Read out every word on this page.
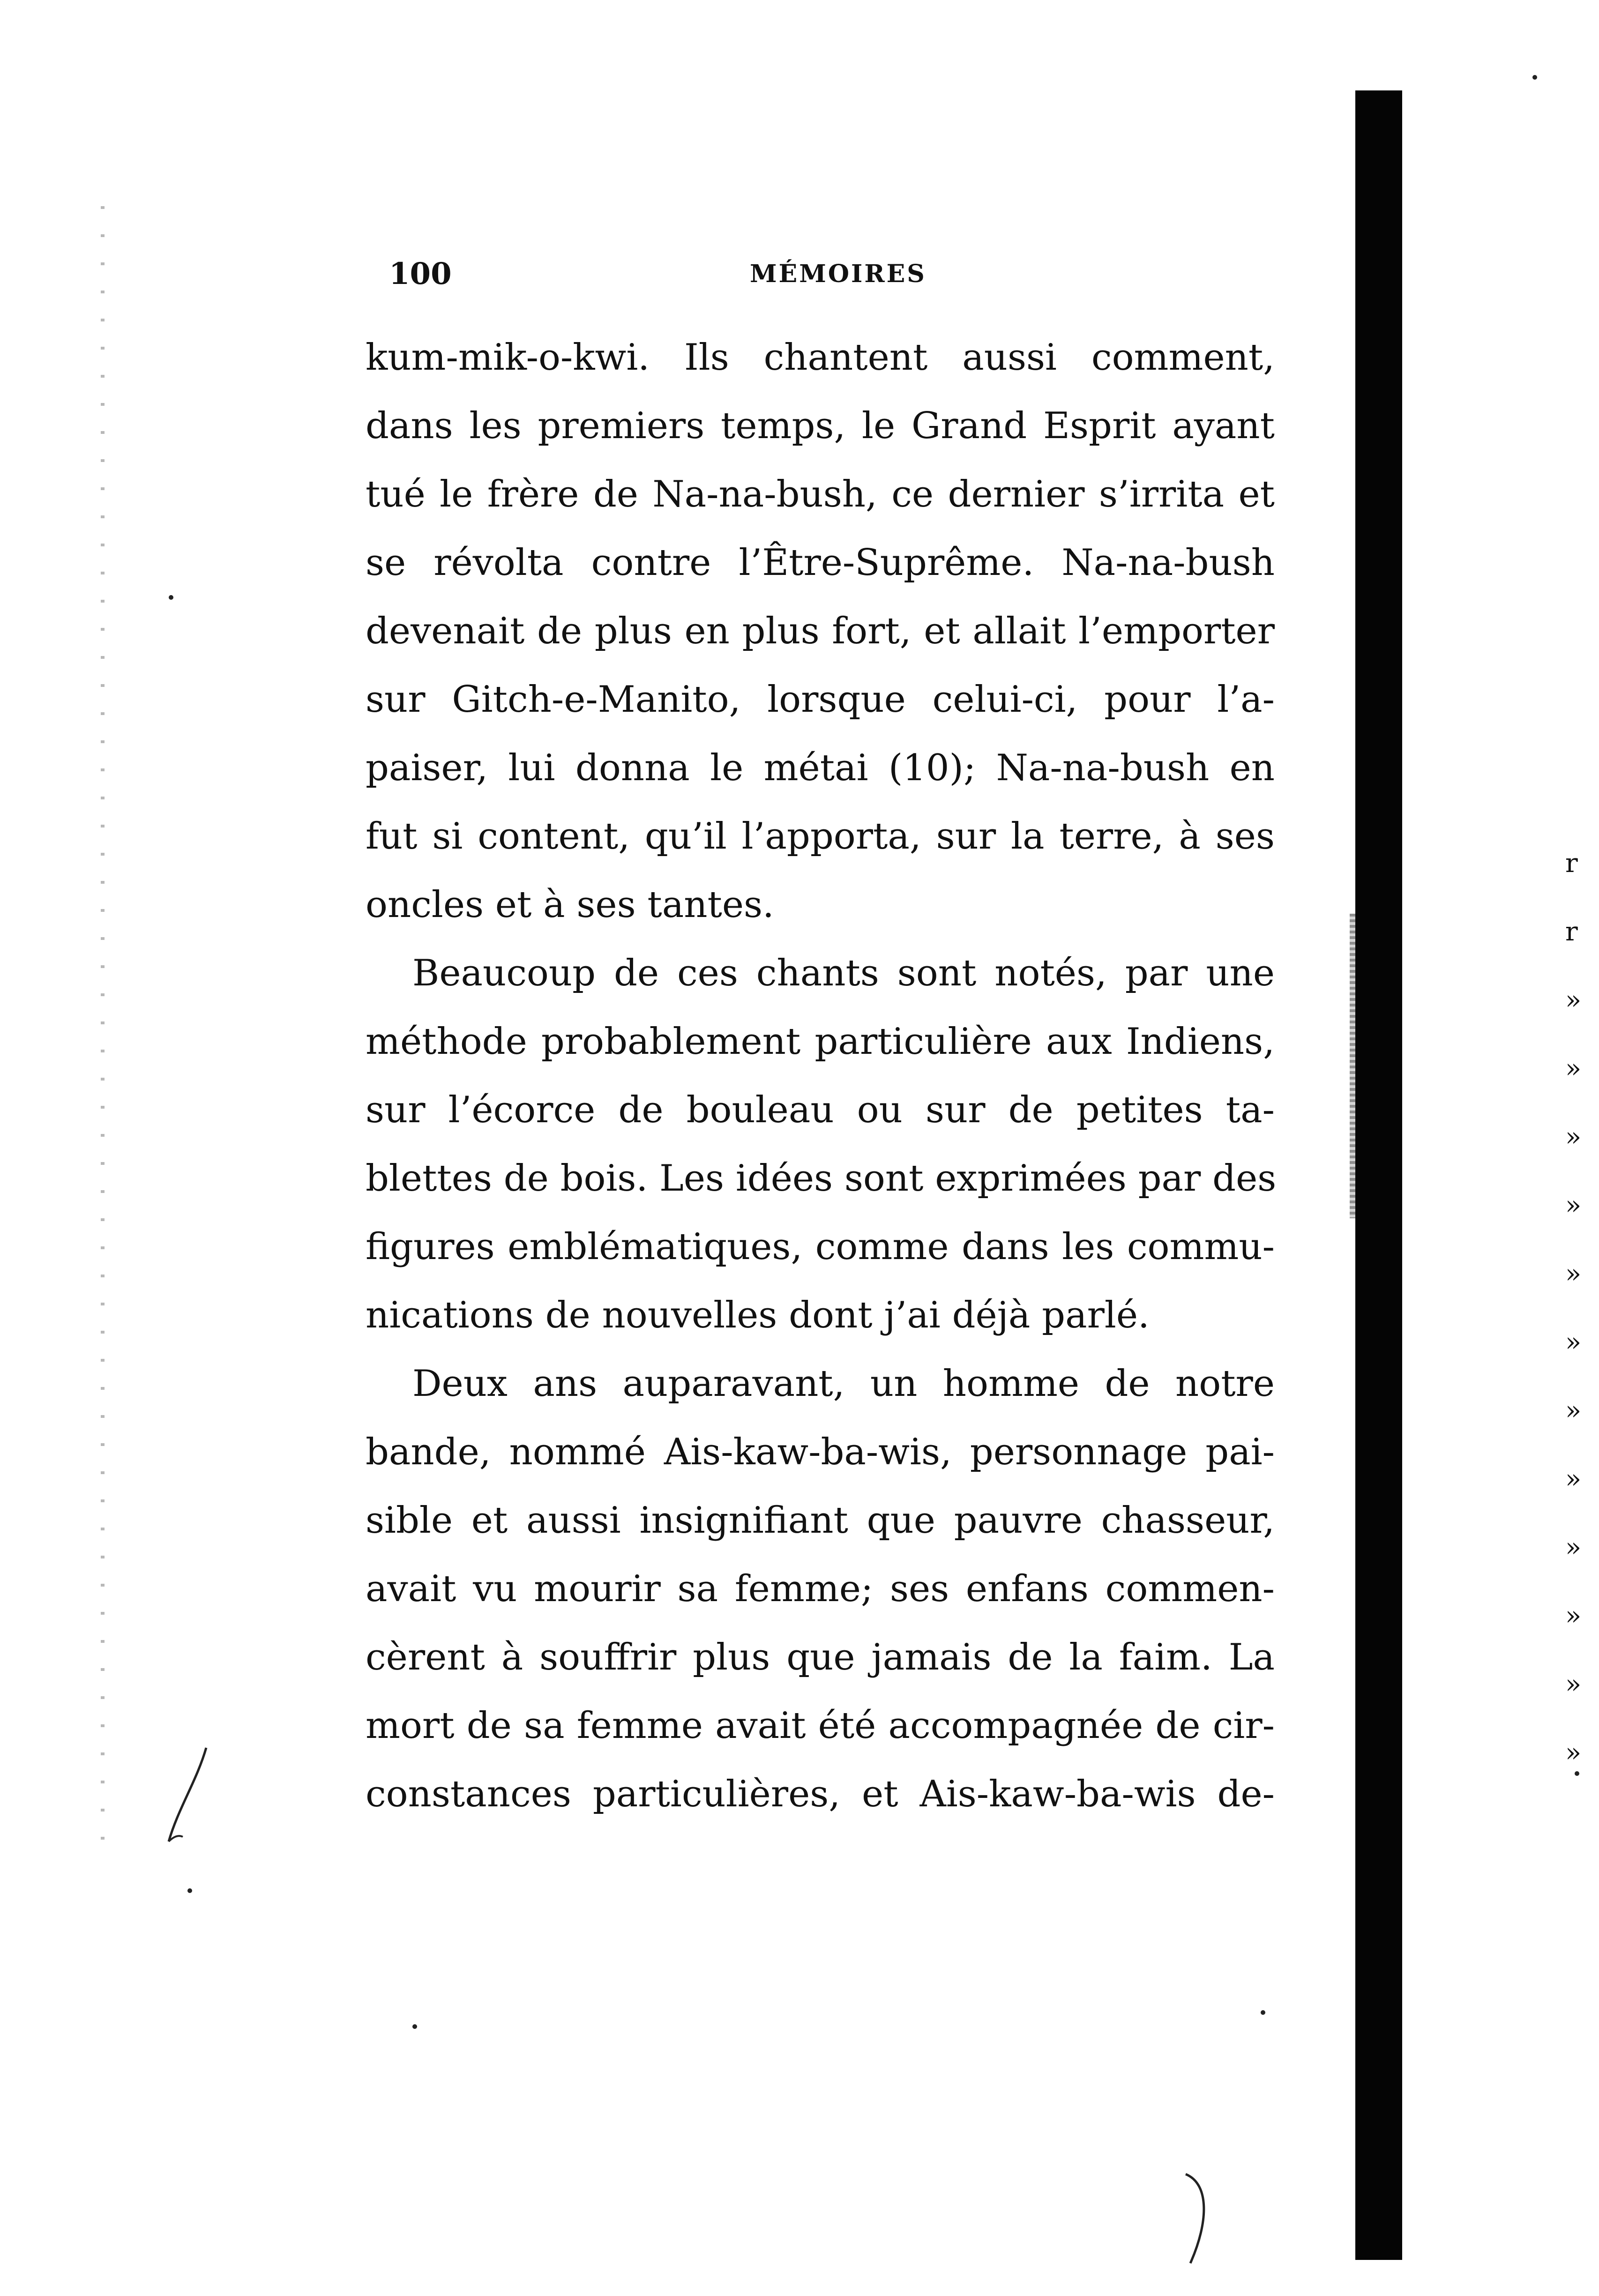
100	MÉMOIRES
kum-mik-o-kwi. Ils chantent aussi comment,
dans les premiers temps, le Grand Esprit ayant
tué le frère de Na-na-bush, ce dernier s’irrita et
se révolta contre l’Être-Suprême. Na-na-bush
devenait de plus en plus fort, et allait l’emporter
sur Gitch-e-Manito, lorsque celui-ci, pour l’a-
paiser, lui donna le métai (10); Na-na-bush en
fut si content, qu’il l’apporta, sur la terre, à ses
oncles et à ses tantes.
Beaucoup de ces chants sont notés, par une
méthode probablement particulière aux Indiens,
sur l’écorce de bouleau ou sur de petites ta-
blettes de bois. Les idées sont exprimées par des
figures emblématiques, comme dans les commu-
nications de nouvelles dont j’ai déjà parlé.
Deux ans auparavant, un homme de notre
bande, nommé Ais-kaw-ba-wis, personnage pai-
sible et aussi insignifiant que pauvre chasseur,
avait vu mourir sa femme; ses enfans commen-
cèrent à souffrir plus que jamais de la faim. La
mort de sa femme avait été accompagnée de cir-
constances particulières, et Ais-kaw-ba-wis de-
r
r
»
»
»
»
»
»
»
»
»
»
»
»
